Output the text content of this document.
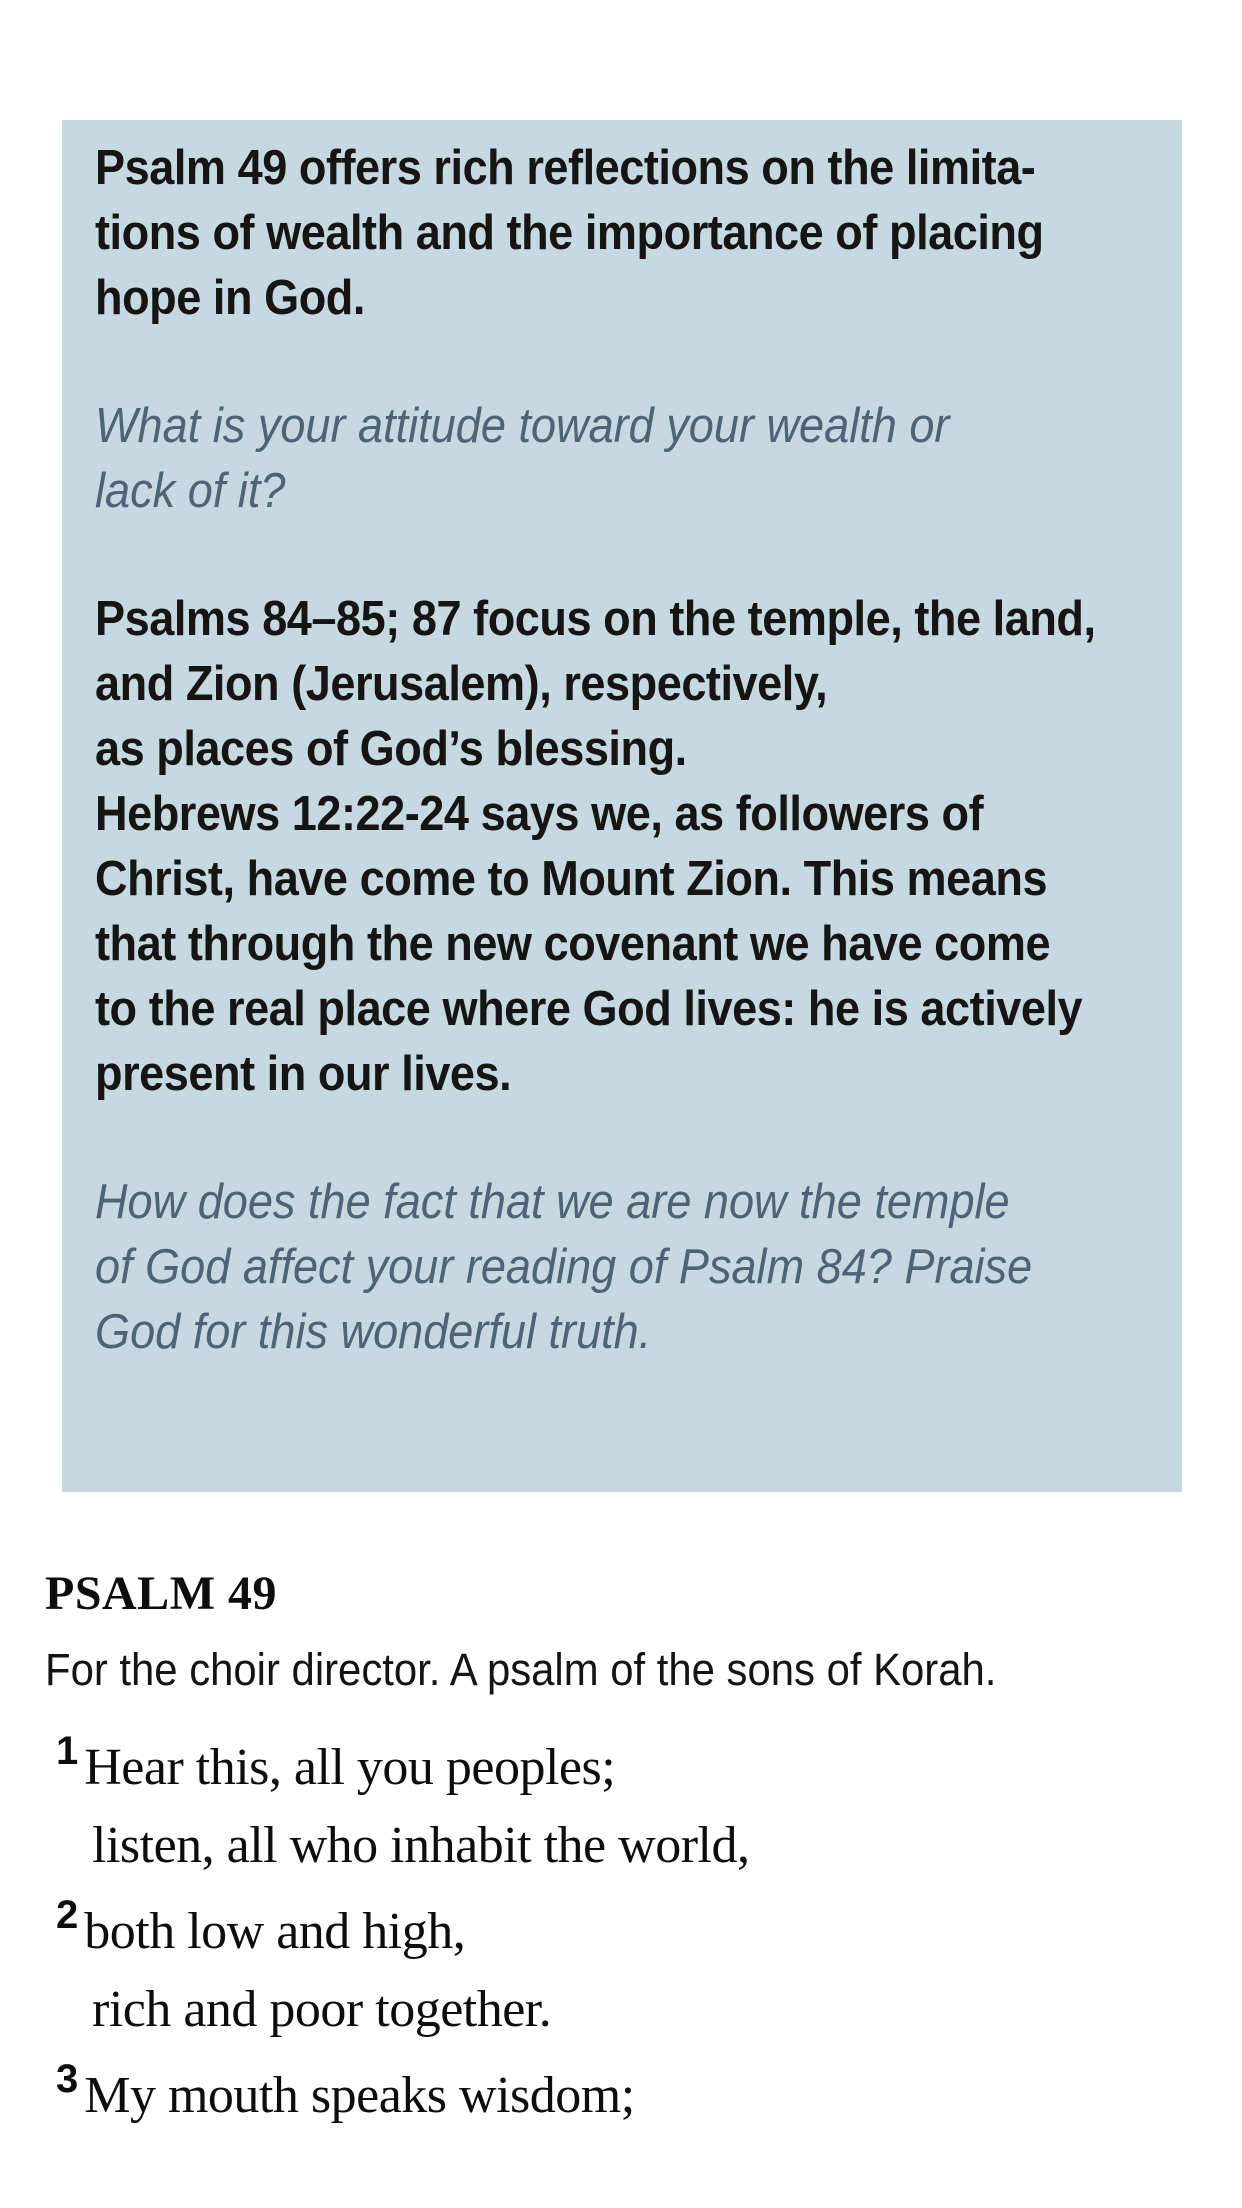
Psalm 49 offers rich reflections on the limita-
tions of wealth and the importance of placing
hope in God.
What is your attitude toward your wealth or
lack of it?
Psalms 84–85; 87 focus on the temple, the land,
and Zion (Jerusalem), respectively,
as places of God’s blessing.
Hebrews 12:22-24 says we, as followers of
Christ, have come to Mount Zion. This means
that through the new covenant we have come
to the real place where God lives: he is actively
present in our lives.
How does the fact that we are now the temple
of God affect your reading of Psalm 84? Praise
God for this wonderful truth.
PSALM 49
For the choir director. A psalm of the sons of Korah.
1 Hear this, all you peoples;
listen, all who inhabit the world,
2 both low and high,
rich and poor together.
3 My mouth speaks wisdom;
